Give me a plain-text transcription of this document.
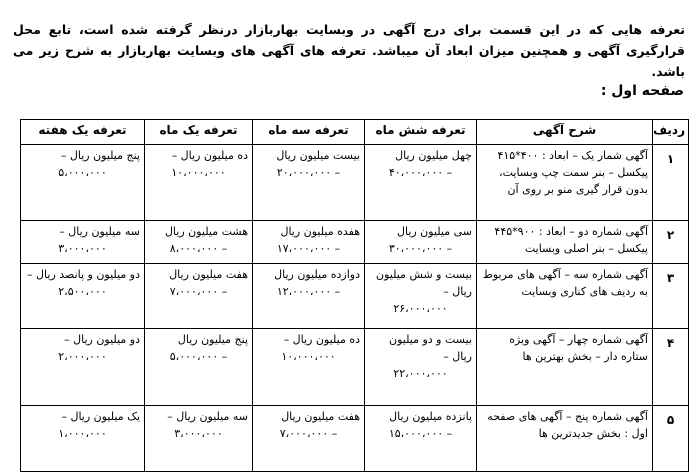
تعرفه هایی که در این قسمت برای درج آگهی در وبسایت بهاربازار درنظر گرفته شده است، تابع محل قرارگیری آگهی و همچنین میزان ابعاد آن میباشد. تعرفه های آگهی های وبسایت بهاربازار به شرح زیر می باشد.

صفحه اول :
ردیف	شرح آگهی	تعرفه شش ماه	تعرفه سه ماه	تعرفه یک ماه	تعرفه یک هفته
۱	آگهی شمار یک – ابعاد : ۴۰۰*۴۱۵ پیکسل – بنر سمت چپ وبسایت، بدون قرار گیری منو بر روی آن	چهل میلیون ریال
– ۴۰،۰۰۰،۰۰۰	بیست میلیون ریال
– ۲۰،۰۰۰،۰۰۰	ده میلیون ریال –
۱۰،۰۰۰،۰۰۰	پنج میلیون ریال –
۵،۰۰۰،۰۰۰

۲	آگهی شماره دو – ابعاد : ۹۰۰*۴۴۵ پیکسل – بنر اصلی وبسایت	سی میلیون ریال
– ۳۰،۰۰۰،۰۰۰	هفده میلیون ریال
– ۱۷،۰۰۰،۰۰۰	هشت میلیون ریال
– ۸،۰۰۰،۰۰۰	سه میلیون ریال –
۳،۰۰۰،۰۰۰

۳	آگهی شماره سه – آگهی های مربوط به ردیف های کناری وبسایت	بیست و شش میلیون ریال –
۲۶،۰۰۰،۰۰۰	دوازده میلیون ریال
– ۱۲،۰۰۰،۰۰۰	هفت میلیون ریال
– ۷،۰۰۰،۰۰۰	دو میلیون و پانصد ریال –
۲،۵۰۰،۰۰۰

۴	آگهی شماره چهار – آگهی ویژه ستاره دار – بخش بهترین ها	بیست و دو میلیون ریال –
۲۲،۰۰۰،۰۰۰	ده میلیون ریال –
۱۰،۰۰۰،۰۰۰	پنج میلیون ریال
– ۵،۰۰۰،۰۰۰	دو میلیون ریال –
۲،۰۰۰،۰۰۰

۵	آگهی شماره پنج – آگهی های صفحه اول : بخش جدیدترین ها	پانزده میلیون ریال
– ۱۵،۰۰۰،۰۰۰	هفت میلیون ریال
– ۷،۰۰۰،۰۰۰	سه میلیون ریال –
۳،۰۰۰،۰۰۰	یک میلیون ریال –
۱،۰۰۰،۰۰۰
